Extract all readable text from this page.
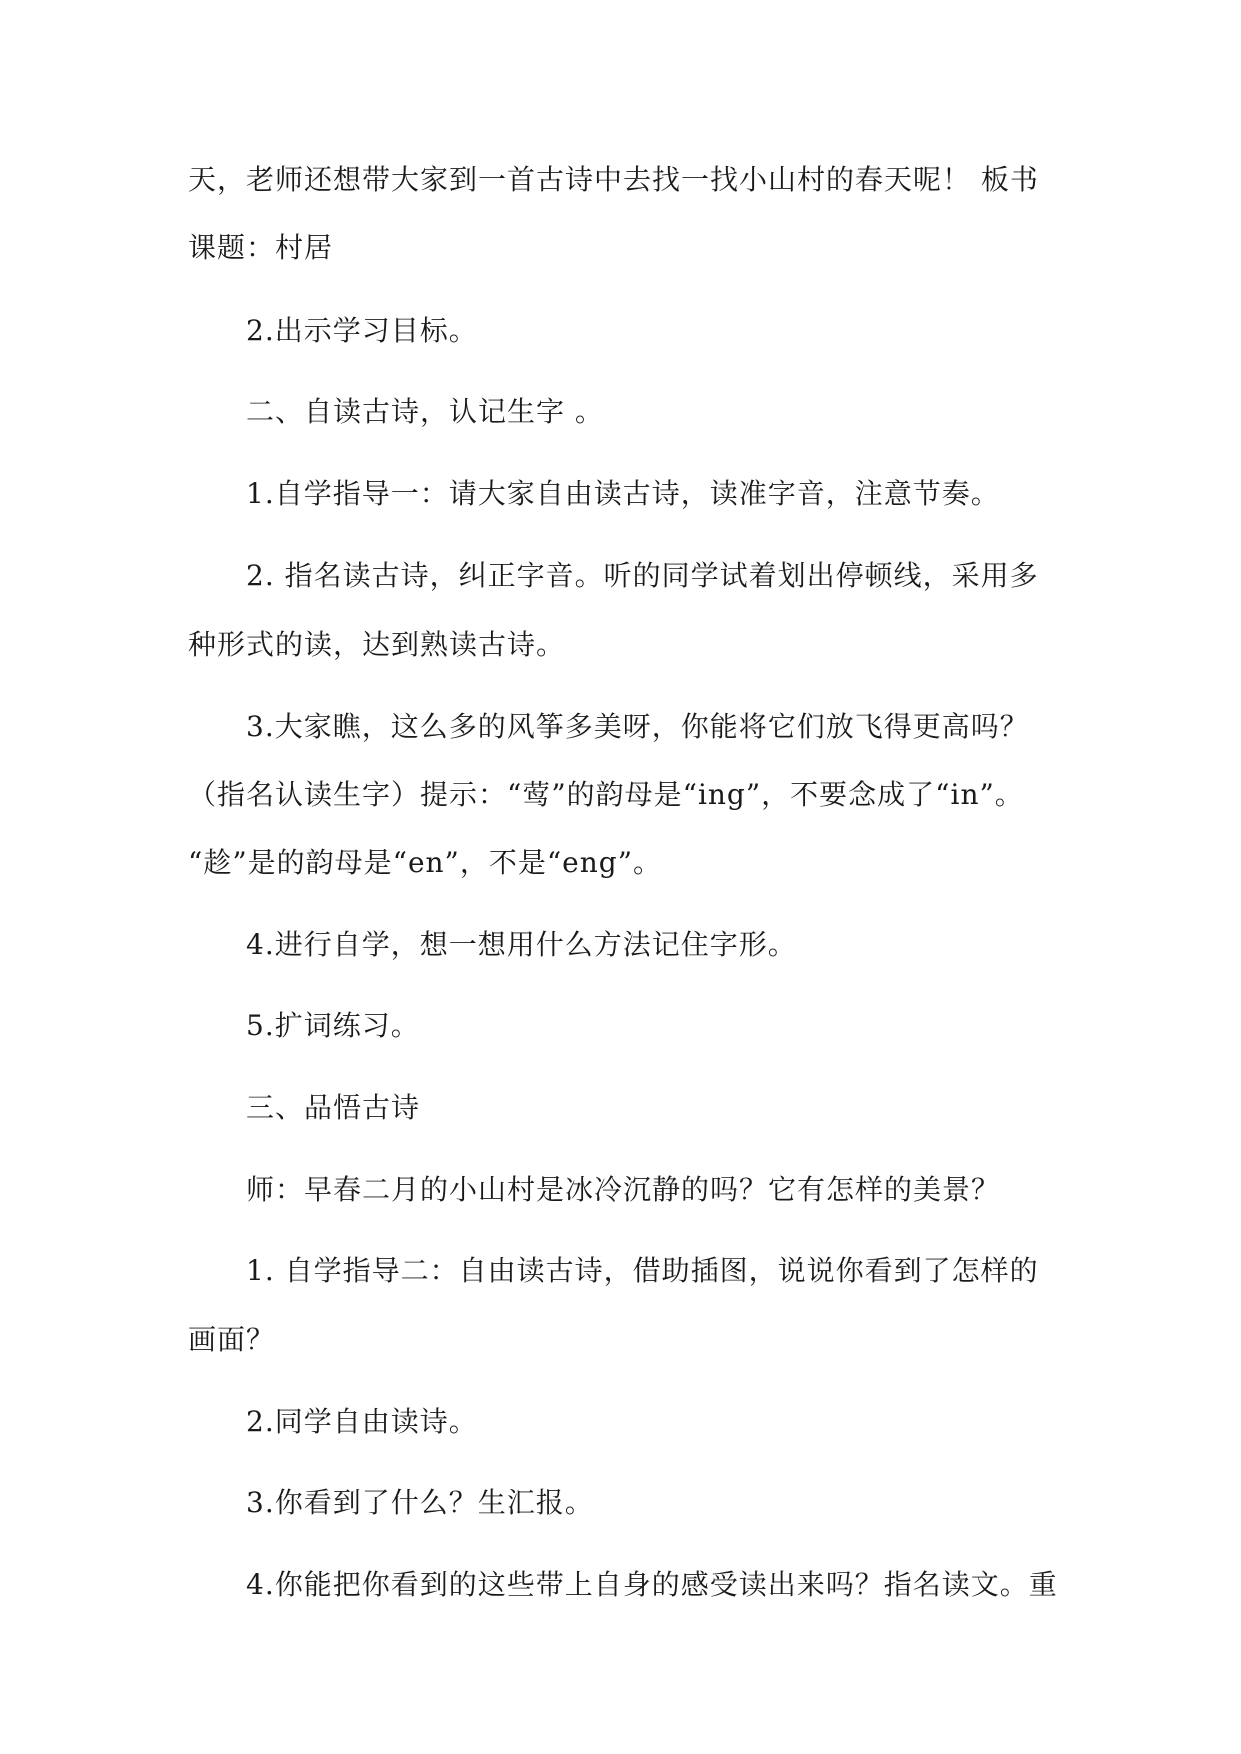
天，老师还想带大家到一首古诗中去找一找小山村的春天呢！ 板书
课题：村居
2.出示学习目标。
二、自读古诗，认记生字 。
1.自学指导一：请大家自由读古诗，读准字音，注意节奏。
2. 指名读古诗，纠正字音。听的同学试着划出停顿线，采用多
种形式的读，达到熟读古诗。
3.大家瞧，这么多的风筝多美呀，你能将它们放飞得更高吗？
（指名认读生字）提示：“莺”的韵母是“ing”，不要念成了“in”。
“趁”是的韵母是“en”，不是“eng”。
4.进行自学，想一想用什么方法记住字形。
5.扩词练习。
三、品悟古诗
师：早春二月的小山村是冰冷沉静的吗？它有怎样的美景？
1. 自学指导二：自由读古诗，借助插图，说说你看到了怎样的
画面？
2.同学自由读诗。
3.你看到了什么？生汇报。
4.你能把你看到的这些带上自身的感受读出来吗？指名读文。重
